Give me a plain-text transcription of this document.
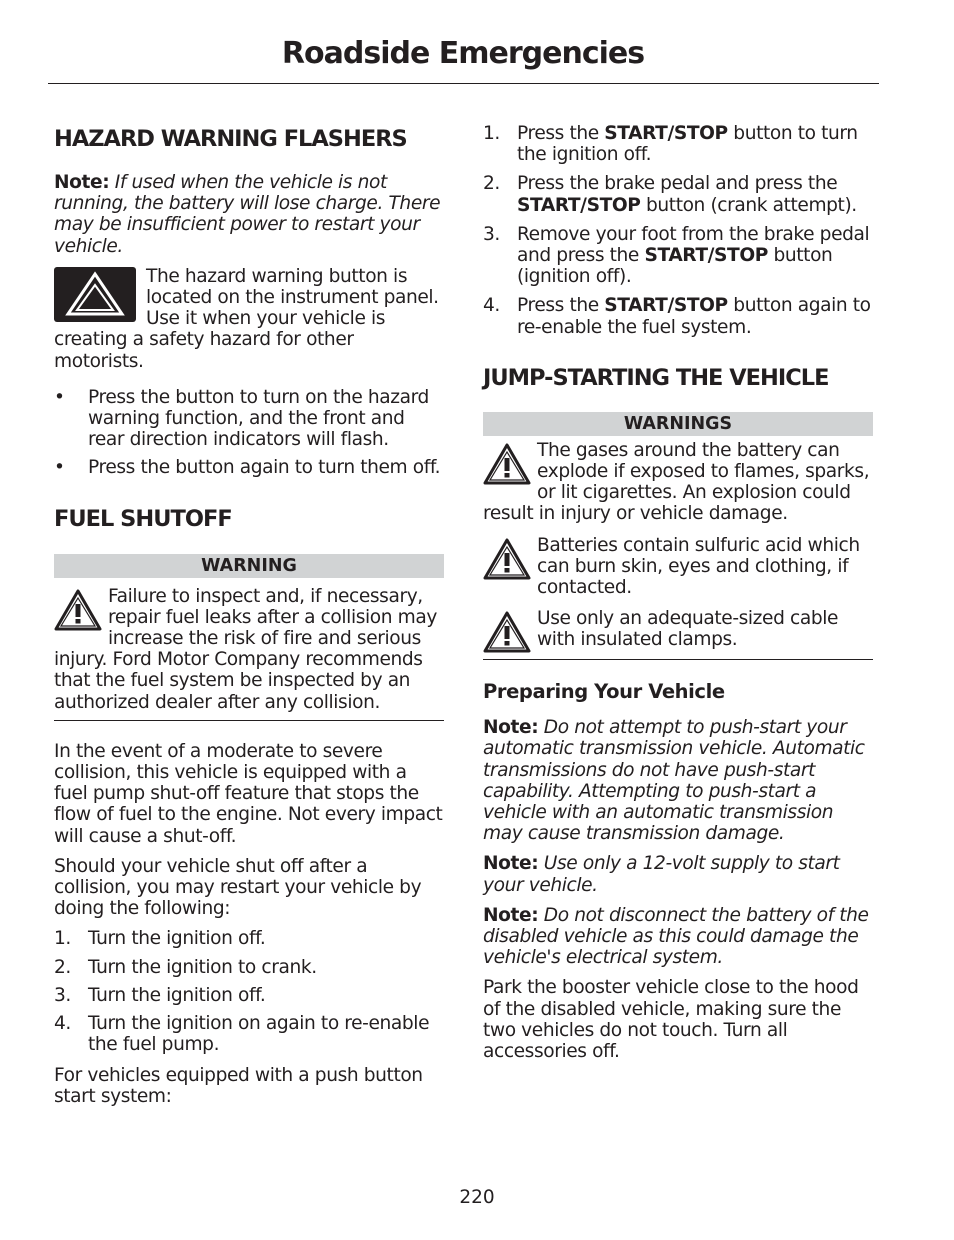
Roadside Emergencies
HAZARD WARNING FLASHERS

Note: If used when the vehicle is not running, the battery will lose charge. There may be insufficient power to restart your vehicle.

The hazard warning button is located on the instrument panel. Use it when your vehicle is creating a safety hazard for other motorists.

• Press the button to turn on the hazard warning function, and the front and rear direction indicators will flash.
• Press the button again to turn them off.
FUEL SHUTOFF
WARNING

Failure to inspect and, if necessary, repair fuel leaks after a collision may increase the risk of fire and serious injury. Ford Motor Company recommends that the fuel system be inspected by an authorized dealer after any collision.

In the event of a moderate to severe collision, this vehicle is equipped with a fuel pump shut-off feature that stops the flow of fuel to the engine. Not every impact will cause a shut-off.

Should your vehicle shut off after a collision, you may restart your vehicle by doing the following:

1. Turn the ignition off.
2. Turn the ignition to crank.
3. Turn the ignition off.
4. Turn the ignition on again to re-enable the fuel pump.

For vehicles equipped with a push button start system:

1. Press the START/STOP button to turn the ignition off.
2. Press the brake pedal and press the START/STOP button (crank attempt).
3. Remove your foot from the brake pedal and press the START/STOP button (ignition off).
4. Press the START/STOP button again to re-enable the fuel system.
JUMP-STARTING THE VEHICLE
WARNINGS

The gases around the battery can explode if exposed to flames, sparks, or lit cigarettes. An explosion could result in injury or vehicle damage.

Batteries contain sulfuric acid which can burn skin, eyes and clothing, if contacted.

Use only an adequate-sized cable with insulated clamps.

Preparing Your Vehicle

Note: Do not attempt to push-start your automatic transmission vehicle. Automatic transmissions do not have push-start capability. Attempting to push-start a vehicle with an automatic transmission may cause transmission damage.

Note: Use only a 12-volt supply to start your vehicle.

Note: Do not disconnect the battery of the disabled vehicle as this could damage the vehicle's electrical system.

Park the booster vehicle close to the hood of the disabled vehicle, making sure the two vehicles do not touch. Turn all accessories off.

220
